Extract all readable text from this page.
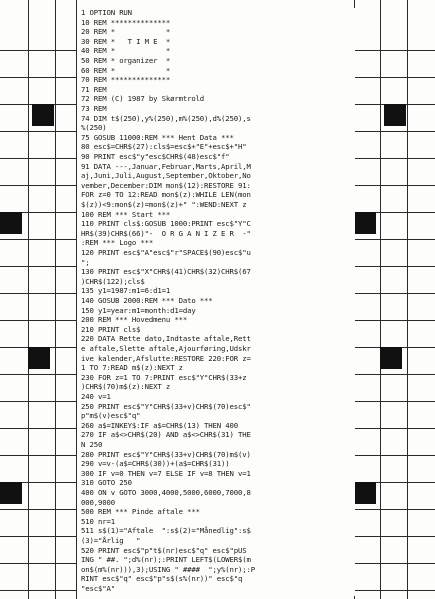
1 OPTION RUN
10 REM **************
20 REM *            *
30 REM *   T I M E  *
40 REM *            *
50 REM * organizer  *
60 REM *            *
70 REM **************
71 REM
72 REM (C) 1987 by Skørmtrold
73 REM
74 DIM t$(250),y%(250),m%(250),d%(250),s
%(250)
75 GOSUB 11000:REM *** Hent Data ***
80 esc$=CHR$(27):cls$=esc$+"E"+esc$+"H"
90 PRINT esc$"y"esc$CHR$(48)esc$"f"
91 DATA ---,Januar,Februar,Marts,April,M
aj,Juni,Juli,August,September,Oktober,No
vember,December:DIM mon$(12):RESTORE 91:
FOR z=0 TO 12:READ mon$(z):WHILE LEN(mon
$(z))<9:mon$(z)=mon$(z)+" ":WEND:NEXT z
100 REM *** Start ***
110 PRINT cls$:GOSUB 1000:PRINT esc$"Y"C
HR$(39)CHR$(66)"-  O R G A N I Z E R  -"
:REM *** Logo ***
120 PRINT esc$"A"esc$"r"SPACE$(90)esc$"u
";
130 PRINT esc$"X"CHR$(41)CHR$(32)CHR$(67
)CHR$(122);cls$
135 y1=1987:m1=6:d1=1
140 GOSUB 2000:REM *** Dato ***
150 y1=year:m1=month:d1=day
200 REM *** Hovedmenu ***
210 PRINT cls$
220 DATA Rette dato,Indtaste aftale,Rett
e aftale,Slette aftale,Ajourføring,Udskr
ive kalender,Afslutte:RESTORE 220:FOR z=
1 TO 7:READ m$(z):NEXT z
230 FOR z=1 TO 7:PRINT esc$"Y"CHR$(33+z
)CHR$(70)m$(z):NEXT z
240 v=1
250 PRINT esc$"Y"CHR$(33+v)CHR$(70)esc$"
p"m$(v)esc$"q"
260 a$=INKEY$:IF a$=CHR$(13) THEN 400
270 IF a$<>CHR$(20) AND a$<>CHR$(31) THE
N 250
280 PRINT esc$"Y"CHR$(33+v)CHR$(70)m$(v)
290 v=v-(a$=CHR$(30))+(a$=CHR$(31))
300 IF v=0 THEN v=7 ELSE IF v=8 THEN v=1
310 GOTO 250
400 ON v GOTO 3000,4000,5000,6000,7000,8
000,9000
500 REM *** Pinde aftale ***
510 nr=1
511 s$(1)="Aftale  ":s$(2)="Månedlig":s$
(3)="Årlig   "
520 PRINT esc$"p"t$(nr)esc$"q" esc$"pUS
ING " ##. ";d%(nr);:PRINT LEFT$(LOWER$(m
on$(m%(nr))),3);USING " ####  ";y%(nr);:P
RINT esc$"q" esc$"p"s$(s%(nr))" esc$"q
"esc$"A"
